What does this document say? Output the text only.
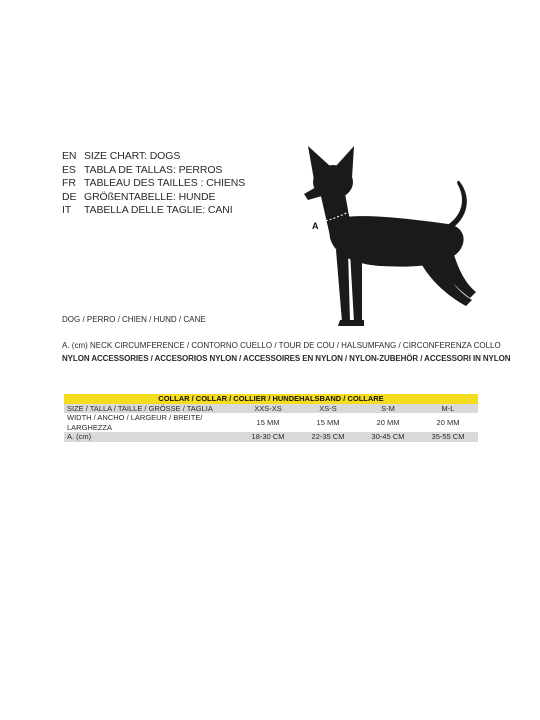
EN SIZE CHART: DOGS
ES TABLA DE TALLAS: PERROS
FR TABLEAU DES TAILLES : CHIENS
DE GRÖßENTABELLE: HUNDE
IT	TABELLA DELLE TAGLIE: CANI
A
DOG / PERRO / CHIEN / HUND / CANE
A. (cm) NECK CIRCUMFERENCE / CONTORNO CUELLO / TOUR DE COU / HALSUMFANG / CIRCONFERENZA COLLO
NYLON ACCESSORIES / ACCESORIOS NYLON / ACCESSOIRES EN NYLON / NYLON-ZUBEHÖR / ACCESSORI IN NYLON
COLLAR / COLLAR / COLLIER / HUNDEHALSBAND / COLLARE				
SIZE / TALLA / TAILLE / GRÖSSE / TAGLIA	XXS-XS	XS-S	S-M	M-L
WIDTH / ANCHO / LARGEUR / BREITE/ LARGHEZZA	15 MM	15 MM	20 MM	20 MM
A. (cm)	18-30 CM	22-35 CM	30-45 CM	35-55 CM
